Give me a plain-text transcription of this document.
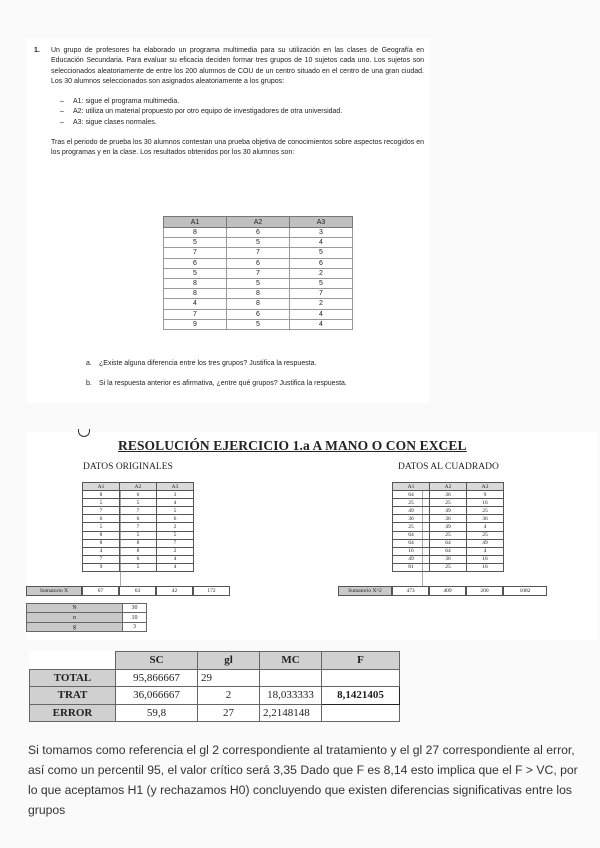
1. Un grupo de profesores ha elaborado un programa multimedia para su utilización en las clases de Geografía en Educación Secundaria. Para evaluar su eficacia deciden formar tres grupos de 10 sujetos cada uno. Los sujetos son seleccionados aleatoriamente de entre los 200 alumnos de COU de un centro situado en el centro de una gran ciudad. Los 30 alumnos seleccionados son asignados aleatoriamente a los grupos:

– A1: sigue el programa multimedia.
– A2: utiliza un material propuesto por otro equipo de investigadores de otra universidad.
– A3: sigue clases normales.

Tras el periodo de prueba los 30 alumnos contestan una prueba objetiva de conocimientos sobre aspectos recogidos en los programas y en la clase. Los resultados obtenidos por los 30 alumnos son:

A1	A2	A3
8	6	3
5	5	4
7	7	5
6	6	6
5	7	2
8	5	5
8	8	7
4	8	2
7	6	4
9	5	4
a. ¿Existe alguna diferencia entre los tres grupos? Justifica la respuesta.
b. Si la respuesta anterior es afirmativa, ¿entre qué grupos? Justifica la respuesta.
RESOLUCIÓN EJERCICIO 1.a A MANO O CON EXCEL
DATOS ORIGINALES	DATOS AL CUADRADO
A1	A2	A3
8	6	3
5	5	4
7	7	5
6	6	6
5	7	2
8	5	5
8	8	7
4	8	2
7	6	4
9	5	4
Sumatorio X	67	63	42	172
A1	A2	A3
64	36	9
25	25	16
49	49	25
36	36	36
25	49	4
64	25	25
64	64	49
16	64	4
49	36	16
81	25	16
Sumatorio X^2	473	409	200	1082
N	30
n	10
g	3
	SC	gl	MC	F
TOTAL	95,866667	29		
TRAT	36,066667	2	18,033333	8,1421405
ERROR	59,8	27	2,2148148	

Si tomamos como referencia el gl 2 correspondiente al tratamiento y el gl 27 correspondiente al error, así como un percentil 95, el valor crítico será 3,35 Dado que F es 8,14 esto implica que el F > VC, por lo que aceptamos H1 (y rechazamos H0) concluyendo que existen diferencias significativas entre los grupos
